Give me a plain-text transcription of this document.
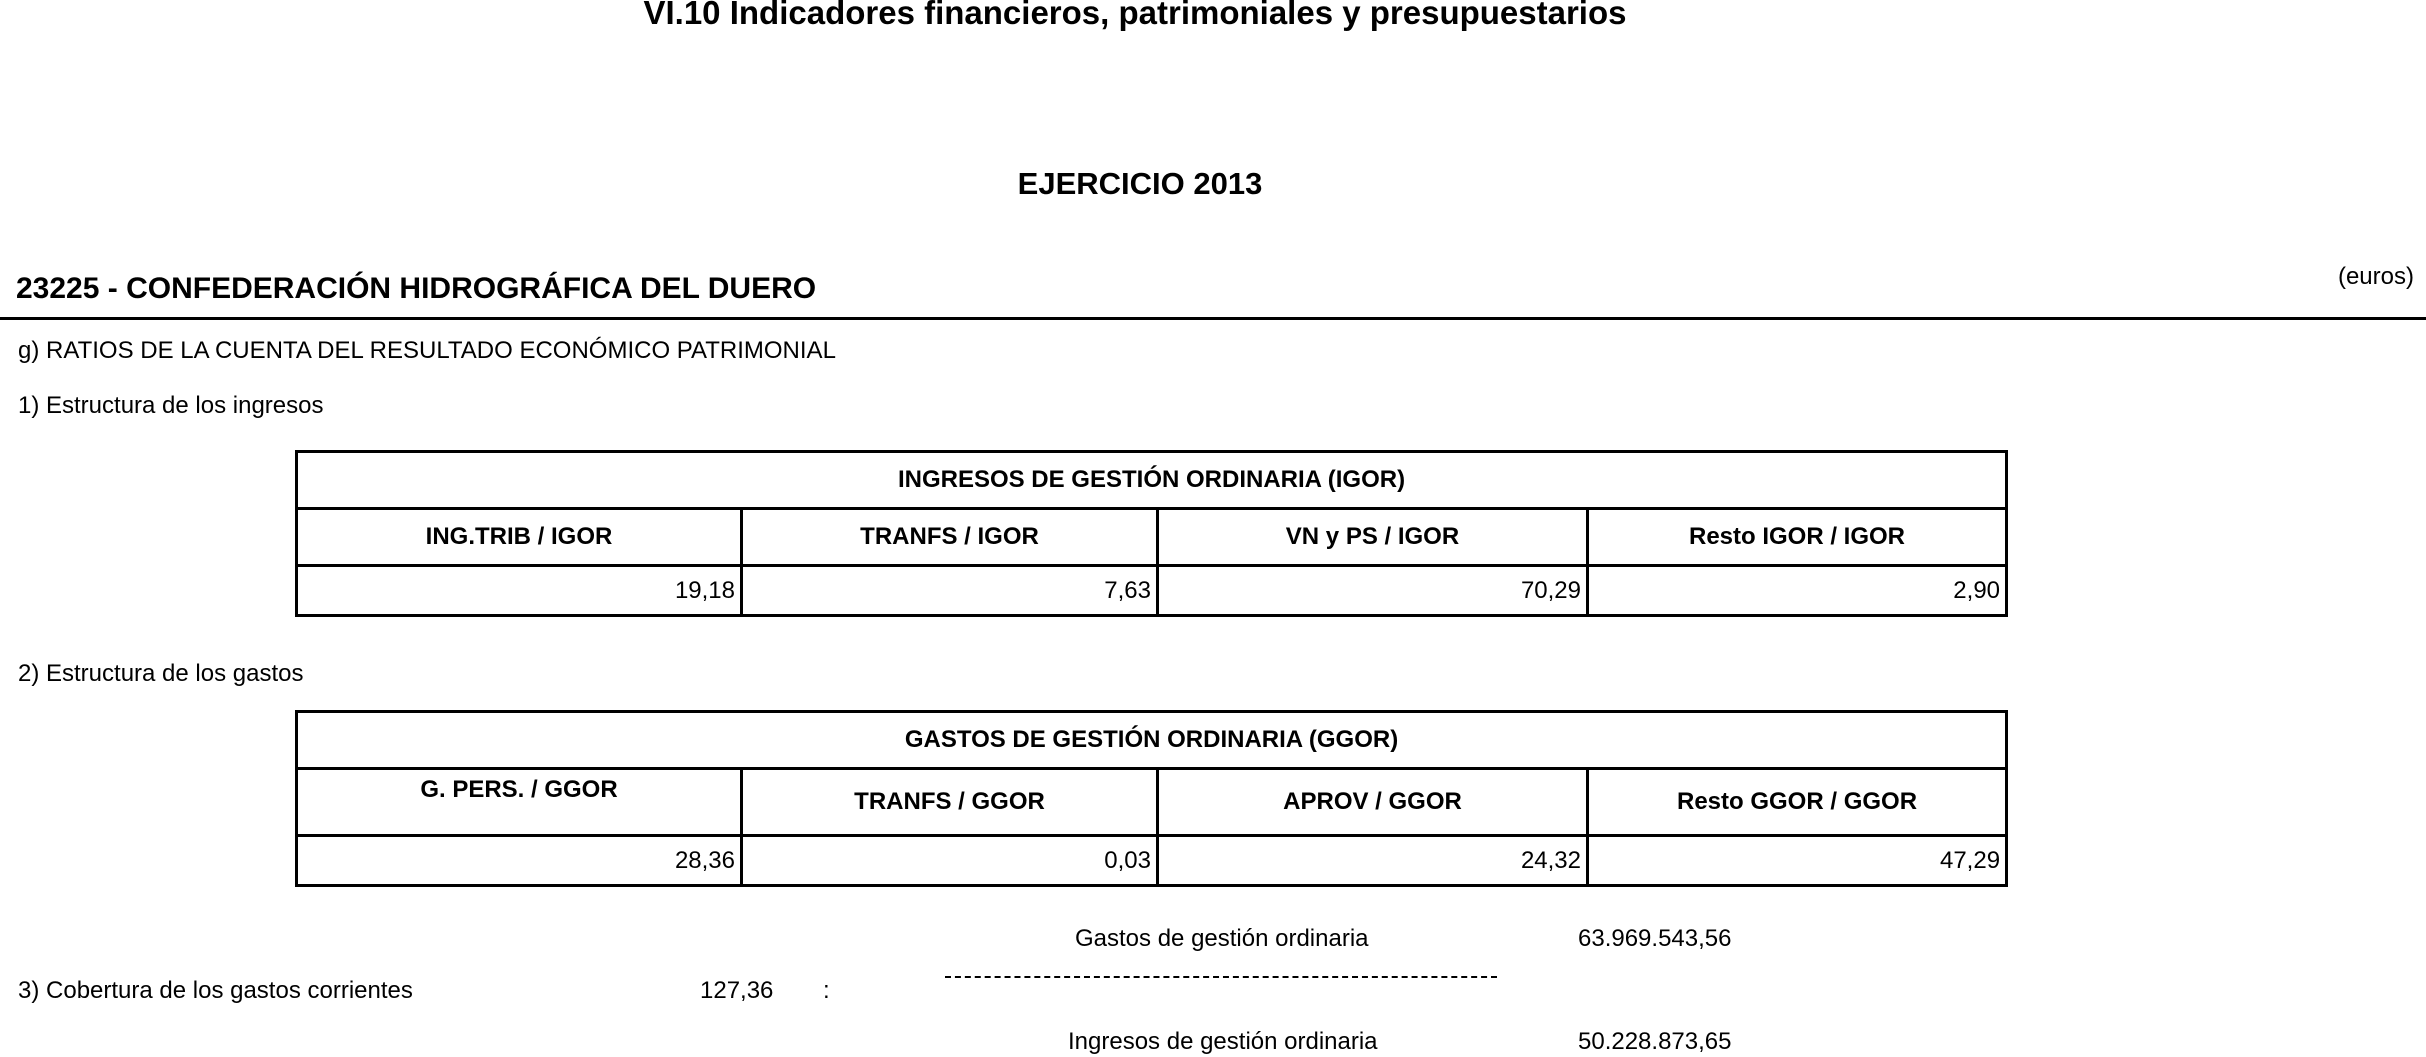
VI.10 Indicadores financieros, patrimoniales y presupuestarios
EJERCICIO 2013
23225 - CONFEDERACIÓN HIDROGRÁFICA DEL DUERO	(euros)
g) RATIOS DE LA CUENTA DEL RESULTADO ECONÓMICO PATRIMONIAL
1) Estructura de los ingresos
INGRESOS DE GESTIÓN ORDINARIA (IGOR)			
ING.TRIB / IGOR	TRANFS / IGOR	VN y PS / IGOR	Resto IGOR / IGOR
19,18	7,63	70,29	2,90
2) Estructura de los gastos
GASTOS DE GESTIÓN ORDINARIA (GGOR)			
G. PERS. / GGOR	TRANFS / GGOR	APROV / GGOR	Resto GGOR / GGOR
28,36	0,03	24,32	47,29
Gastos de gestión ordinaria	63.969.543,56
3) Cobertura de los gastos corrientes	127,36 :
Ingresos de gestión ordinaria	50.228.873,65
